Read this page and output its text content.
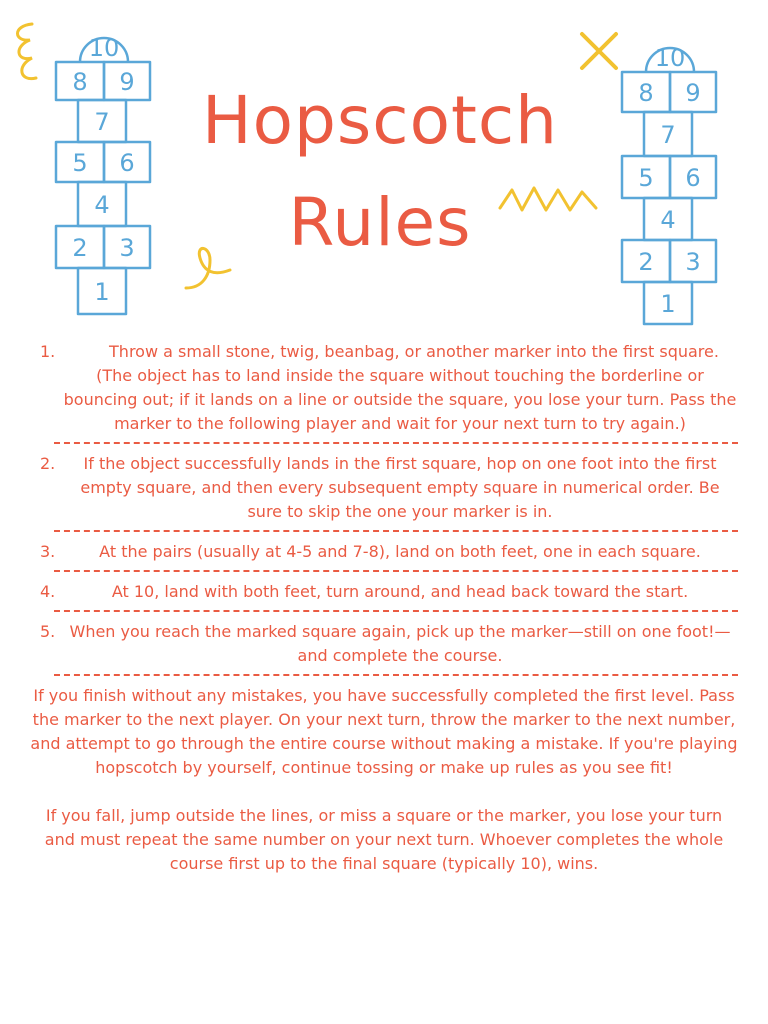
Hopscotch
Rules
10
8 9
7
5 6
4
2 3
1
10
8 9
7
5 6
4
2 3
1
1.	Throw a small stone, twig, beanbag, or another marker into the first square. (The object has to land inside the square without touching the borderline or bouncing out; if it lands on a line or outside the square, you lose your turn. Pass the marker to the following player and wait for your next turn to try again.)
2.	If the object successfully lands in the first square, hop on one foot into the first empty square, and then every subsequent empty square in numerical order. Be sure to skip the one your marker is in.
3.	At the pairs (usually at 4-5 and 7-8), land on both feet, one in each square.
4.	At 10, land with both feet, turn around, and head back toward the start.
5. When you reach the marked square again, pick up the marker—still on one foot!—and complete the course.

If you finish without any mistakes, you have successfully completed the first level. Pass the marker to the next player. On your next turn, throw the marker to the next number, and attempt to go through the entire course without making a mistake. If you're playing hopscotch by yourself, continue tossing or make up rules as you see fit!

If you fall, jump outside the lines, or miss a square or the marker, you lose your turn and must repeat the same number on your next turn. Whoever completes the whole course first up to the final square (typically 10), wins.
